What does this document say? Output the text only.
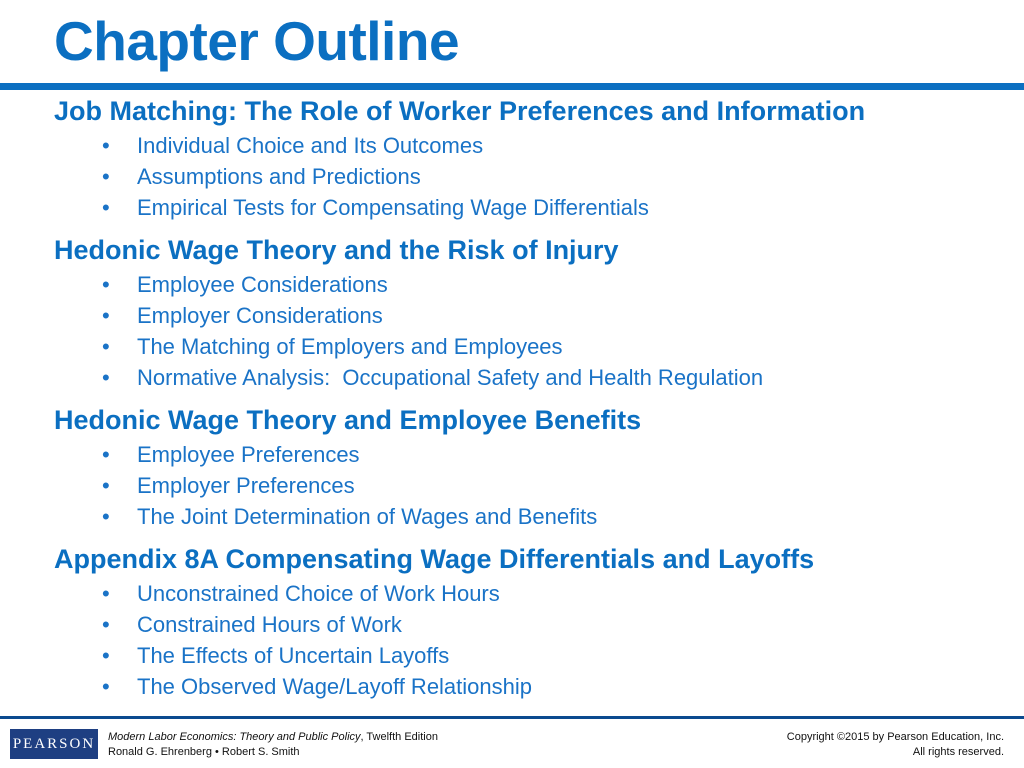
Chapter Outline
Job Matching: The Role of Worker Preferences and Information
• Individual Choice and Its Outcomes
• Assumptions and Predictions
• Empirical Tests for Compensating Wage Differentials
Hedonic Wage Theory and the Risk of Injury
• Employee Considerations
• Employer Considerations
• The Matching of Employers and Employees
• Normative Analysis:  Occupational Safety and Health Regulation
Hedonic Wage Theory and Employee Benefits
• Employee Preferences
• Employer Preferences
• The Joint Determination of Wages and Benefits
Appendix 8A Compensating Wage Differentials and Layoffs
• Unconstrained Choice of Work Hours
• Constrained Hours of Work
• The Effects of Uncertain Layoffs
• The Observed Wage/Layoff Relationship
PEARSON Modern Labor Economics: Theory and Public Policy, Twelfth Edition
Ronald G. Ehrenberg • Robert S. Smith
Copyright ©2015 by Pearson Education, Inc.
All rights reserved.
